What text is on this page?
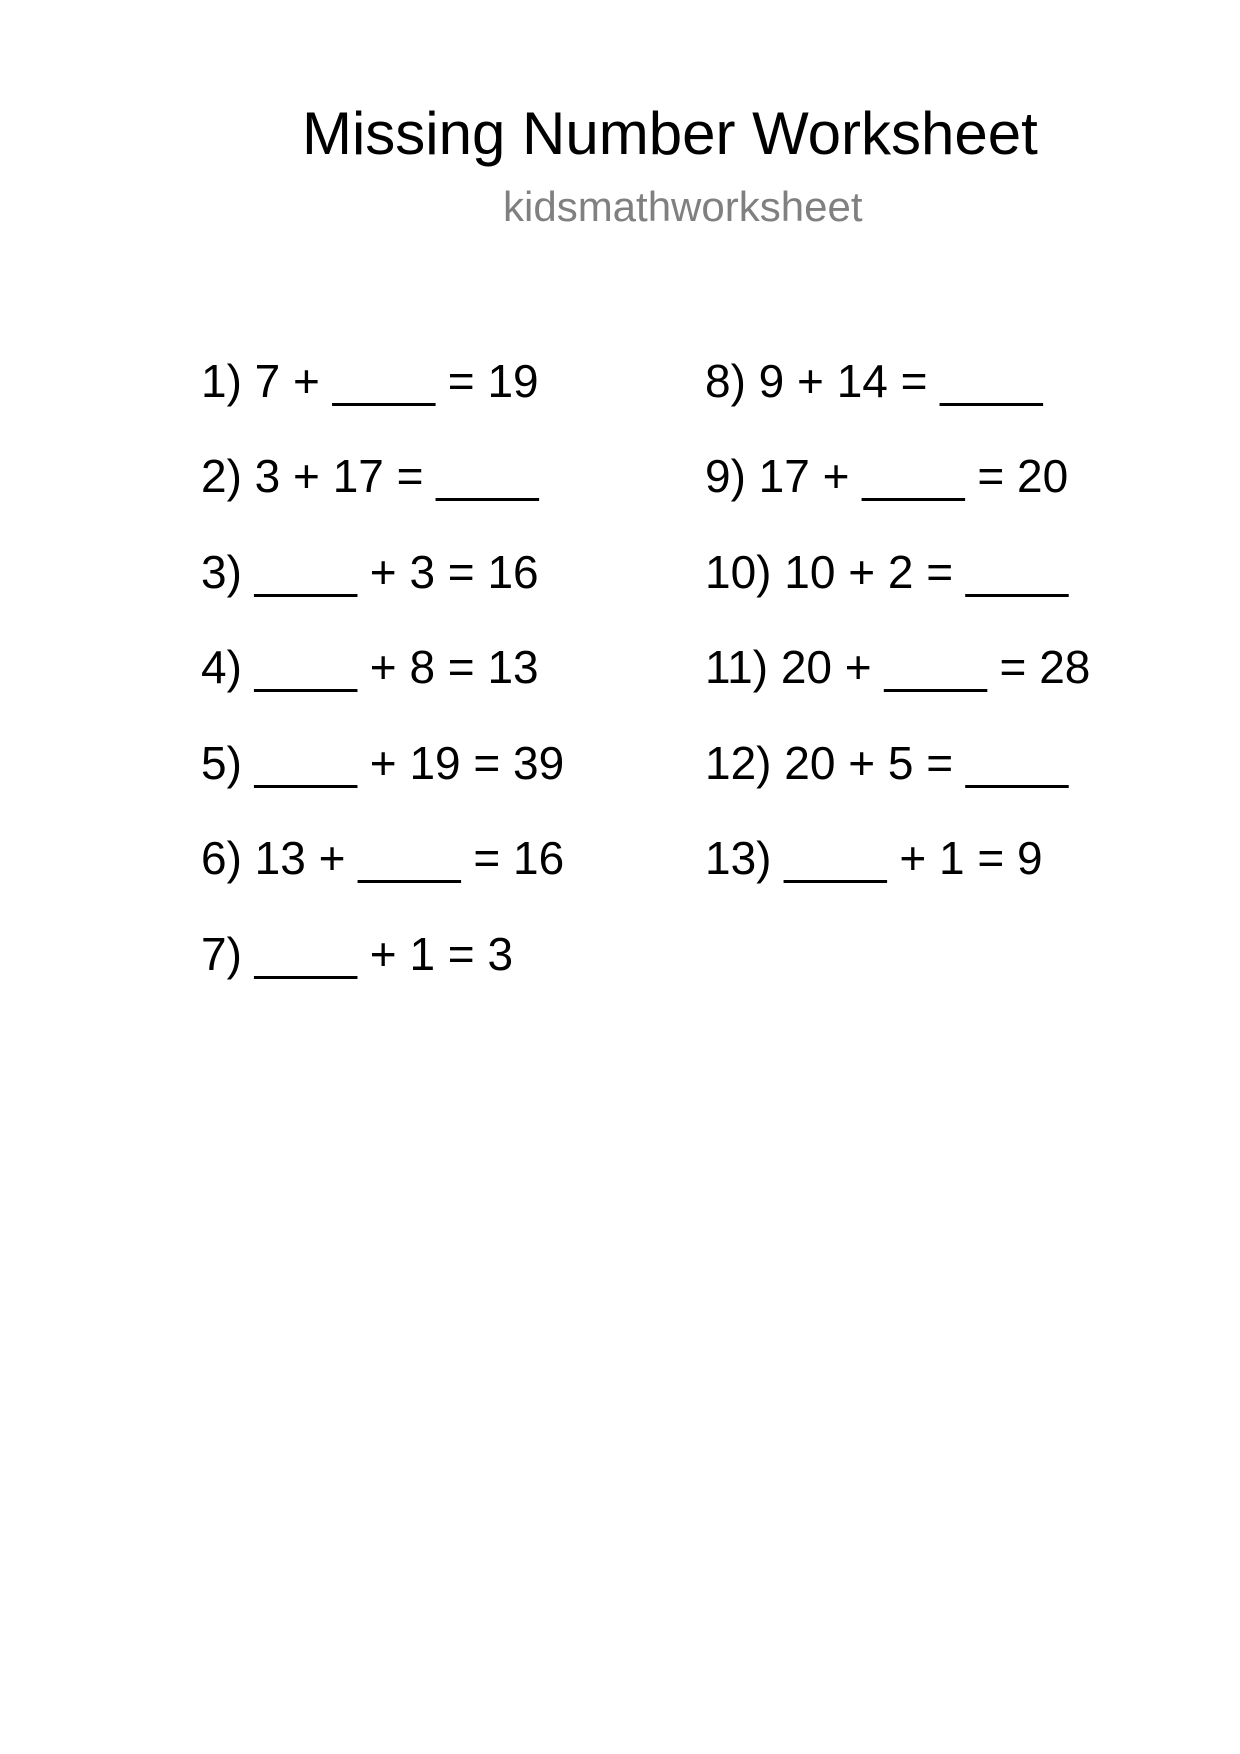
Missing Number Worksheet
kidsmathworksheet
1) 7 + ____ = 19
2) 3 + 17 = ____
3) ____ + 3 = 16
4) ____ + 8 = 13
5) ____ + 19 = 39
6) 13 + ____ = 16
7) ____ + 1 = 3
8) 9 + 14 = ____
9) 17 + ____ = 20
10) 10 + 2 = ____
11) 20 + ____ = 28
12) 20 + 5 = ____
13) ____ + 1 = 9
